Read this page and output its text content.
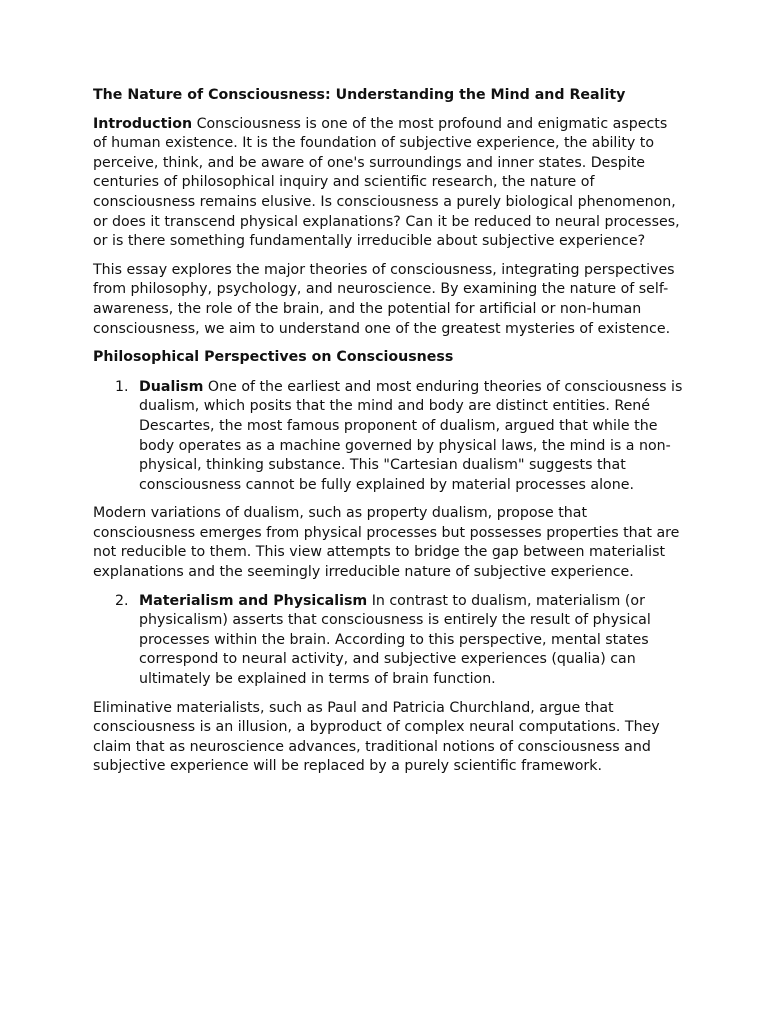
The Nature of Consciousness: Understanding the Mind and Reality

Introduction Consciousness is one of the most profound and enigmatic aspects of human existence. It is the foundation of subjective experience, the ability to perceive, think, and be aware of one's surroundings and inner states. Despite centuries of philosophical inquiry and scientific research, the nature of consciousness remains elusive. Is consciousness a purely biological phenomenon, or does it transcend physical explanations? Can it be reduced to neural processes, or is there something fundamentally irreducible about subjective experience?

This essay explores the major theories of consciousness, integrating perspectives from philosophy, psychology, and neuroscience. By examining the nature of self-awareness, the role of the brain, and the potential for artificial or non-human consciousness, we aim to understand one of the greatest mysteries of existence.

Philosophical Perspectives on Consciousness
1. Dualism One of the earliest and most enduring theories of consciousness is dualism, which posits that the mind and body are distinct entities. René Descartes, the most famous proponent of dualism, argued that while the body operates as a machine governed by physical laws, the mind is a non-physical, thinking substance. This "Cartesian dualism" suggests that consciousness cannot be fully explained by material processes alone.

Modern variations of dualism, such as property dualism, propose that consciousness emerges from physical processes but possesses properties that are not reducible to them. This view attempts to bridge the gap between materialist explanations and the seemingly irreducible nature of subjective experience.

2. Materialism and Physicalism In contrast to dualism, materialism (or physicalism) asserts that consciousness is entirely the result of physical processes within the brain. According to this perspective, mental states correspond to neural activity, and subjective experiences (qualia) can ultimately be explained in terms of brain function.

Eliminative materialists, such as Paul and Patricia Churchland, argue that consciousness is an illusion, a byproduct of complex neural computations. They claim that as neuroscience advances, traditional notions of consciousness and subjective experience will be replaced by a purely scientific framework.
